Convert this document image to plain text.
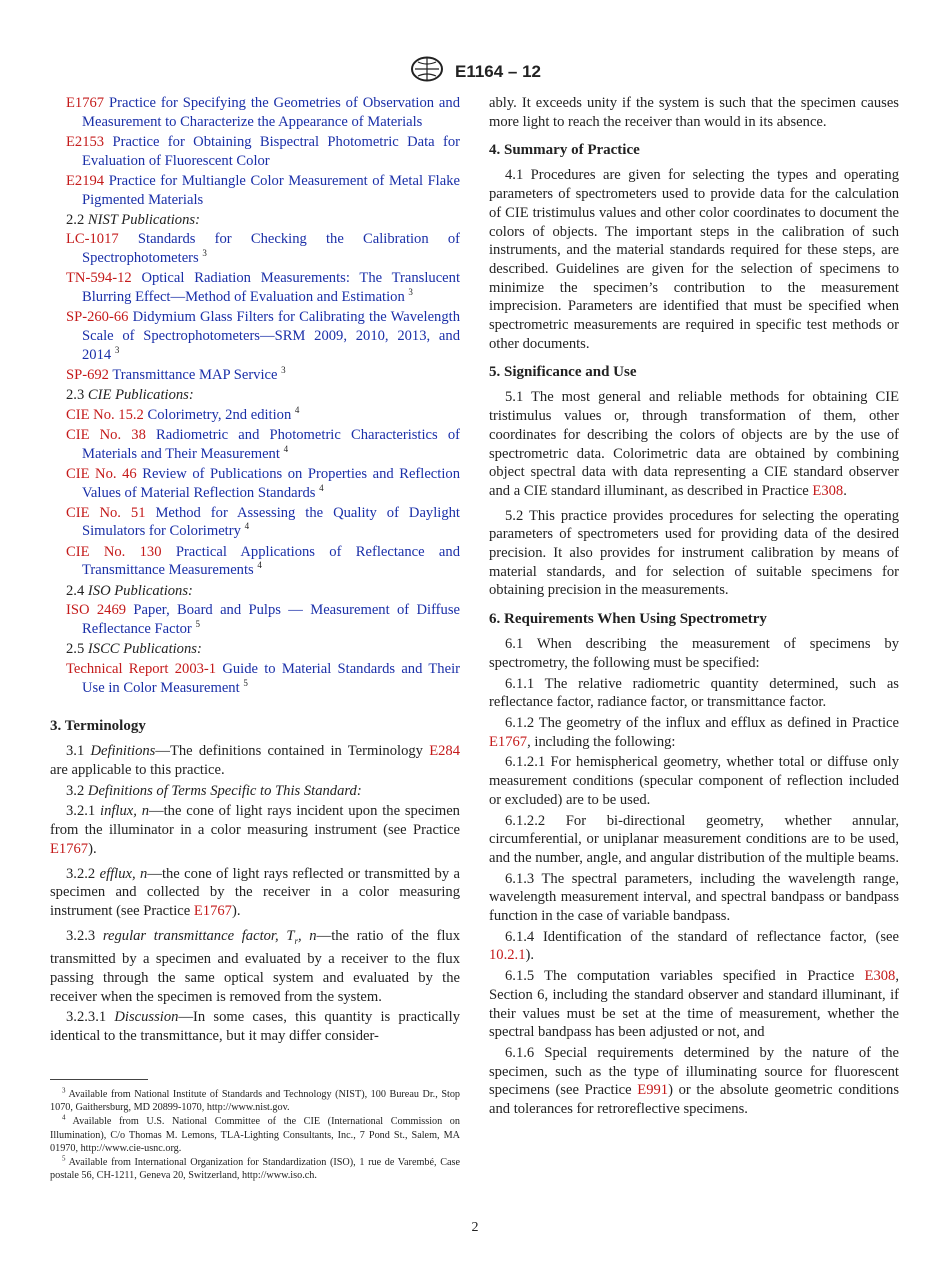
E1164 – 12
E1767 Practice for Specifying the Geometries of Observation and Measurement to Characterize the Appearance of Materials
E2153 Practice for Obtaining Bispectral Photometric Data for Evaluation of Fluorescent Color
E2194 Practice for Multiangle Color Measurement of Metal Flake Pigmented Materials
2.2 NIST Publications:
LC-1017 Standards for Checking the Calibration of Spectrophotometers $^3$
TN-594-12 Optical Radiation Measurements: The Translucent Blurring Effect—Method of Evaluation and Estimation $^3$
SP-260-66 Didymium Glass Filters for Calibrating the Wavelength Scale of Spectrophotometers—SRM 2009, 2010, 2013, and 2014 $^3$
SP-692 Transmittance MAP Service $^3$
2.3 CIE Publications:
CIE No. 15.2 Colorimetry, 2nd edition $^4$
CIE No. 38 Radiometric and Photometric Characteristics of Materials and Their Measurement $^4$
CIE No. 46 Review of Publications on Properties and Reflection Values of Material Reflection Standards $^4$
CIE No. 51 Method for Assessing the Quality of Daylight Simulators for Colorimetry $^4$
CIE No. 130 Practical Applications of Reflectance and Transmittance Measurements $^4$
2.4 ISO Publications:
ISO 2469 Paper, Board and Pulps — Measurement of Diffuse Reflectance Factor $^5$
2.5 ISCC Publications:
Technical Report 2003-1 Guide to Material Standards and Their Use in Color Measurement $^5$
3. Terminology

3.1 Definitions—The definitions contained in Terminology E284 are applicable to this practice.

3.2 Definitions of Terms Specific to This Standard:

3.2.1 influx, n—the cone of light rays incident upon the specimen from the illuminator in a color measuring instrument (see Practice E1767).

3.2.2 efflux, n—the cone of light rays reflected or transmitted by a specimen and collected by the receiver in a color measuring instrument (see Practice E1767).

3.2.3 regular transmittance factor, $T_r$, n—the ratio of the flux transmitted by a specimen and evaluated by a receiver to the flux passing through the same optical system and evaluated by the receiver when the specimen is removed from the system.

3.2.3.1 Discussion—In some cases, this quantity is practically identical to the transmittance, but it may differ consider-

ably. It exceeds unity if the system is such that the specimen causes more light to reach the receiver than would in its absence.

4. Summary of Practice

4.1 Procedures are given for selecting the types and operating parameters of spectrometers used to provide data for the calculation of CIE tristimulus values and other color coordinates to document the colors of objects. The important steps in the calibration of such instruments, and the material standards required for these steps, are described. Guidelines are given for the selection of specimens to minimize the specimen’s contribution to the measurement imprecision. Parameters are identified that must be specified when spectrometric measurements are required in specific test methods or other documents.

5. Significance and Use

5.1 The most general and reliable methods for obtaining CIE tristimulus values or, through transformation of them, other coordinates for describing the colors of objects are by the use of spectrometric data. Colorimetric data are obtained by combining object spectral data with data representing a CIE standard observer and a CIE standard illuminant, as described in Practice E308.

5.2 This practice provides procedures for selecting the operating parameters of spectrometers used for providing data of the desired precision. It also provides for instrument calibration by means of material standards, and for selection of suitable specimens for obtaining precision in the measurements.

6. Requirements When Using Spectrometry

6.1 When describing the measurement of specimens by spectrometry, the following must be specified:

6.1.1 The relative radiometric quantity determined, such as reflectance factor, radiance factor, or transmittance factor.

6.1.2 The geometry of the influx and efflux as defined in Practice E1767, including the following:

6.1.2.1 For hemispherical geometry, whether total or diffuse only measurement conditions (specular component of reflection included or excluded) are to be used.

6.1.2.2 For bi-directional geometry, whether annular, circumferential, or uniplanar measurement conditions are to be used, and the number, angle, and angular distribution of the multiple beams.

6.1.3 The spectral parameters, including the wavelength range, wavelength measurement interval, and spectral bandpass or bandpass function in the case of variable bandpass.

6.1.4 Identification of the standard of reflectance factor, (see 10.2.1).

6.1.5 The computation variables specified in Practice E308, Section 6, including the standard observer and standard illuminant, if their values must be set at the time of measurement, whether the spectral bandpass has been adjusted or not, and

6.1.6 Special requirements determined by the nature of the specimen, such as the type of illuminating source for fluorescent specimens (see Practice E991) or the absolute geometric conditions and tolerances for retroreflective specimens.

$^3$ Available from National Institute of Standards and Technology (NIST), 100 Bureau Dr., Stop 1070, Gaithersburg, MD 20899-1070, http://www.nist.gov.

$^4$ Available from U.S. National Committee of the CIE (International Commission on Illumination), C/o Thomas M. Lemons, TLA-Lighting Consultants, Inc., 7 Pond St., Salem, MA 01970, http://www.cie-usnc.org.

$^5$ Available from International Organization for Standardization (ISO), 1 rue de Varembé, Case postale 56, CH-1211, Geneva 20, Switzerland, http://www.iso.ch.

2
